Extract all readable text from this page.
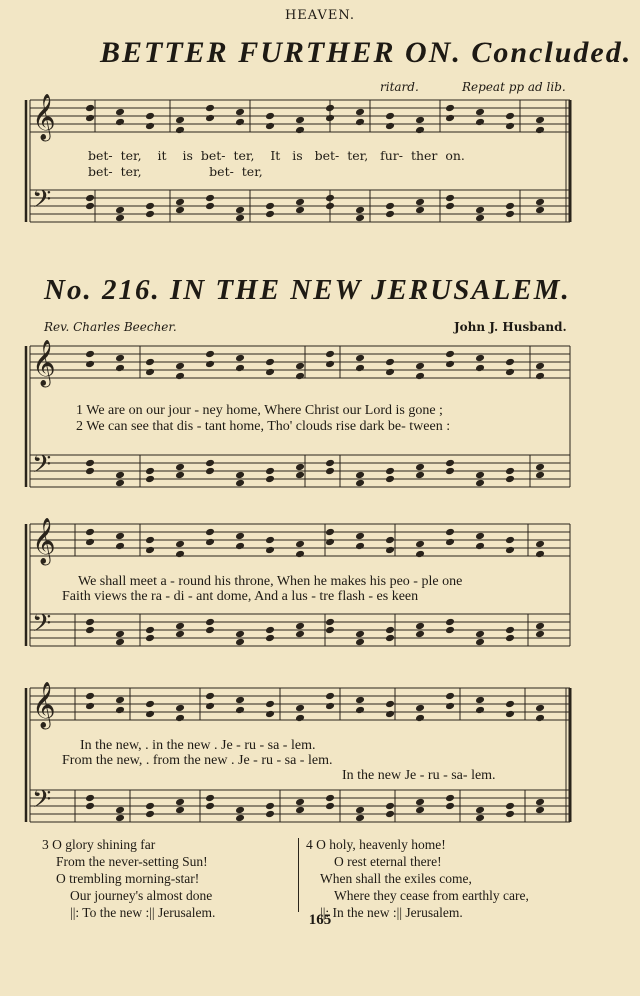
HEAVEN.
BETTER FURTHER ON. Concluded.
ritard.	Repeat pp ad lib.
𝄞
𝄢
𝄞
𝄢
𝄞
𝄢
𝄞
𝄢
bet- ter, it is bet- ter, It is bet- ter, fur- ther on.
bet- ter,	bet- ter,
No. 216. IN THE NEW JERUSALEM.
Rev. Charles Beecher.	John J. Husband.
1 We are on our jour - ney home, Where Christ our Lord is gone ;
2 We can see that dis - tant home, Tho' clouds rise dark be- tween :
We shall meet a - round his throne, When he makes his peo - ple one
Faith views the ra - di - ant dome, And a lus - tre flash - es keen
In the new, . in the new . Je - ru - sa - lem.
From the new, . from the new . Je - ru - sa - lem.
In the new Je - ru - sa- lem.
3 O glory shining far
From the never-setting Sun!
O trembling morning-star!
Our journey's almost done
||: To the new :|| Jerusalem.
4 O holy, heavenly home!
O rest eternal there!
When shall the exiles come,
Where they cease from earthly care,
||: In the new :|| Jerusalem.
165
